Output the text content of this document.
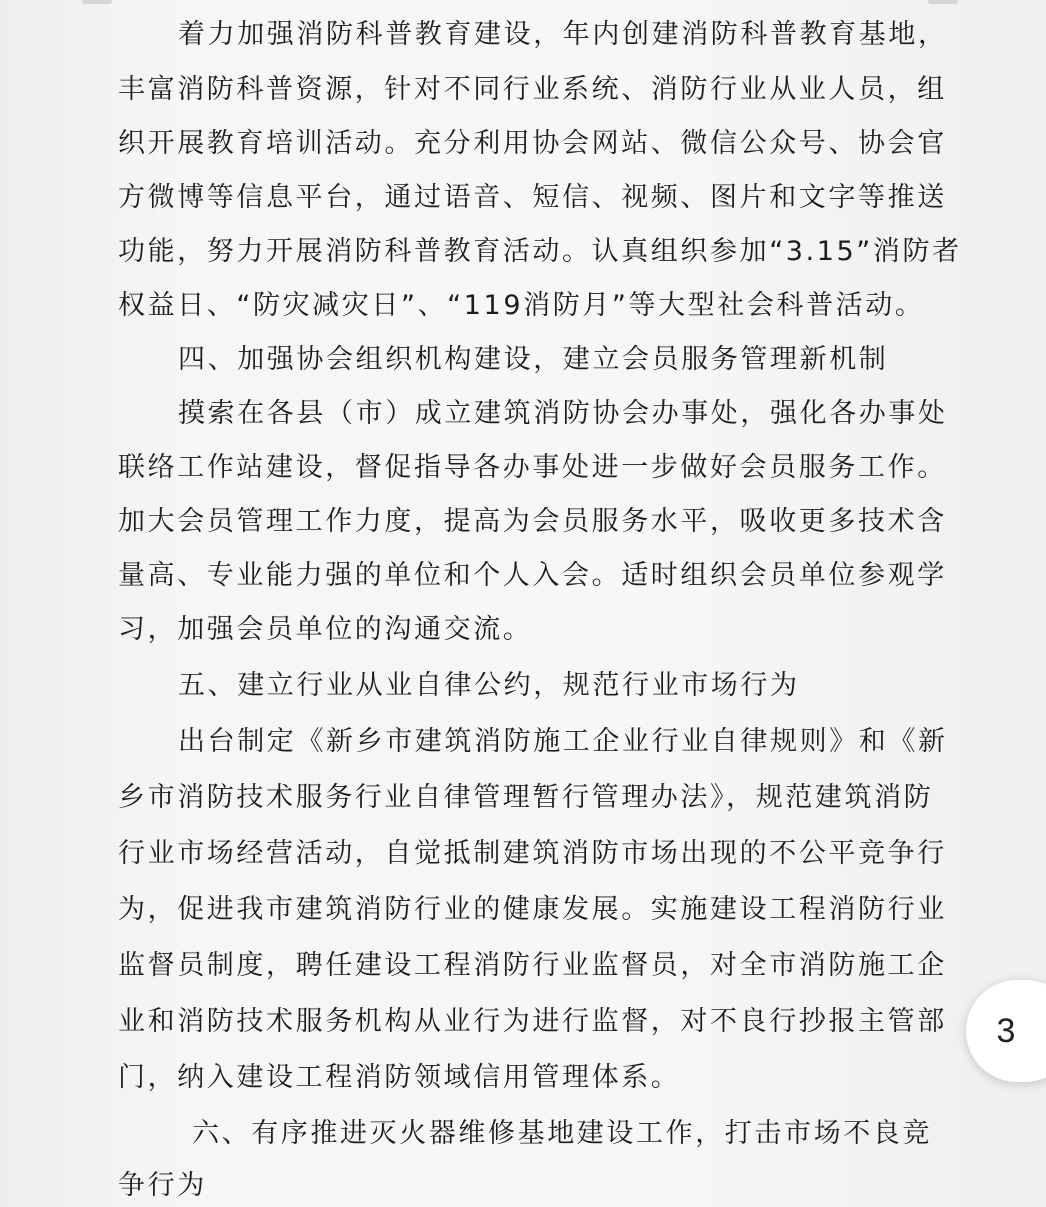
着力加强消防科普教育建设，年内创建消防科普教育基地，
丰富消防科普资源，针对不同行业系统、消防行业从业人员，组
织开展教育培训活动。充分利用协会网站、微信公众号、协会官
方微博等信息平台，通过语音、短信、视频、图片和文字等推送
功能，努力开展消防科普教育活动。认真组织参加“3.15”消防者
权益日、“防灾减灾日”、“119消防月”等大型社会科普活动。
四、加强协会组织机构建设，建立会员服务管理新机制
摸索在各县（市）成立建筑消防协会办事处，强化各办事处
联络工作站建设，督促指导各办事处进一步做好会员服务工作。
加大会员管理工作力度，提高为会员服务水平，吸收更多技术含
量高、专业能力强的单位和个人入会。适时组织会员单位参观学
习，加强会员单位的沟通交流。
五、建立行业从业自律公约，规范行业市场行为
出台制定《新乡市建筑消防施工企业行业自律规则》和《新
乡市消防技术服务行业自律管理暂行管理办法》，规范建筑消防
行业市场经营活动，自觉抵制建筑消防市场出现的不公平竞争行
为，促进我市建筑消防行业的健康发展。实施建设工程消防行业
监督员制度，聘任建设工程消防行业监督员，对全市消防施工企
业和消防技术服务机构从业行为进行监督，对不良行抄报主管部
门，纳入建设工程消防领域信用管理体系。
六、有序推进灭火器维修基地建设工作，打击市场不良竞
争行为
3
